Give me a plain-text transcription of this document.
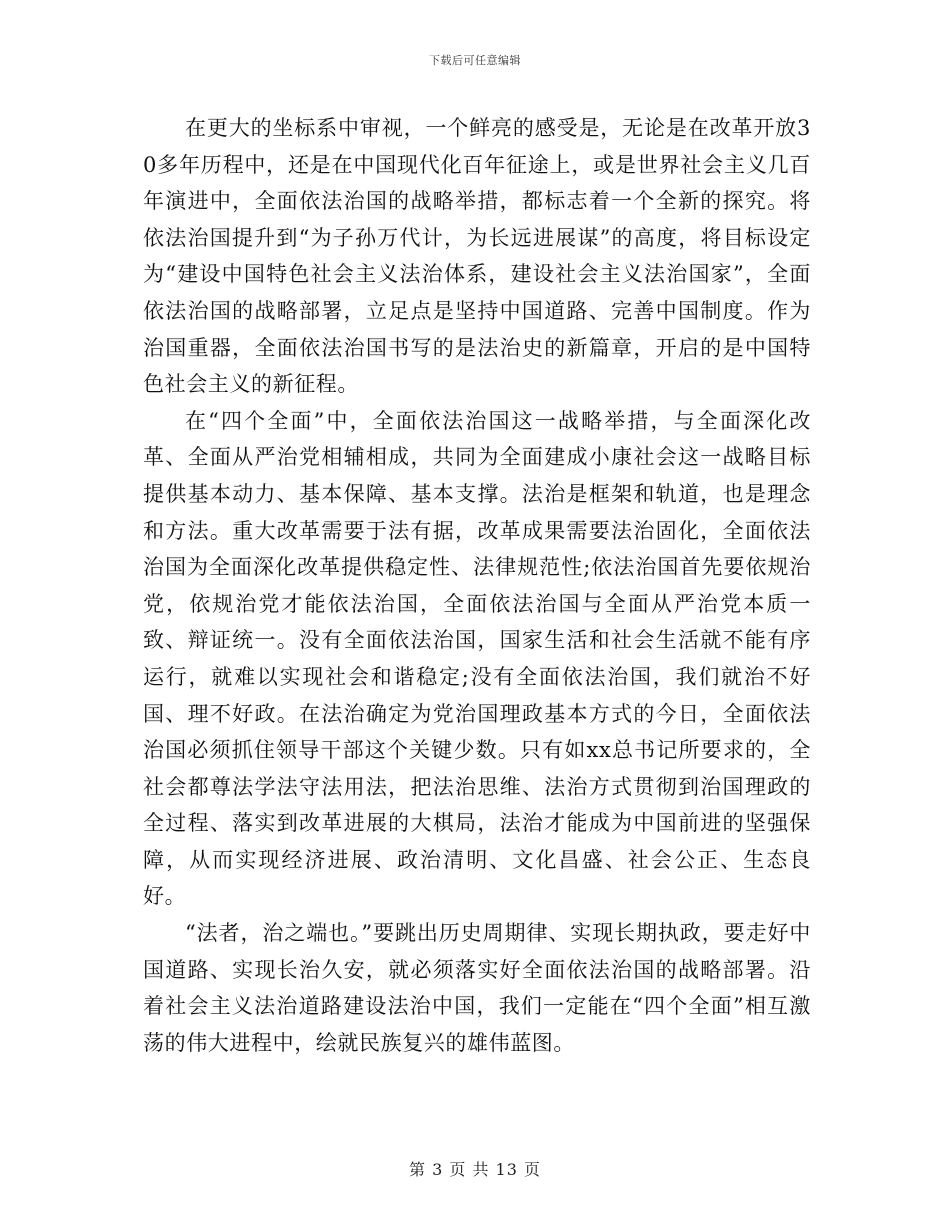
下载后可任意编辑

在更大的坐标系中审视，一个鲜亮的感受是，无论是在改革开放30多年历程中，还是在中国现代化百年征途上，或是世界社会主义几百年演进中，全面依法治国的战略举措，都标志着一个全新的探究。将依法治国提升到“为子孙万代计，为长远进展谋”的高度，将目标设定为“建设中国特色社会主义法治体系，建设社会主义法治国家”，全面依法治国的战略部署，立足点是坚持中国道路、完善中国制度。作为治国重器，全面依法治国书写的是法治史的新篇章，开启的是中国特色社会主义的新征程。

在“四个全面”中，全面依法治国这一战略举措，与全面深化改革、全面从严治党相辅相成，共同为全面建成小康社会这一战略目标提供基本动力、基本保障、基本支撑。法治是框架和轨道，也是理念和方法。重大改革需要于法有据，改革成果需要法治固化，全面依法治国为全面深化改革提供稳定性、法律规范性;依法治国首先要依规治党，依规治党才能依法治国，全面依法治国与全面从严治党本质一致、辩证统一。没有全面依法治国，国家生活和社会生活就不能有序运行，就难以实现社会和谐稳定;没有全面依法治国，我们就治不好国、理不好政。在法治确定为党治国理政基本方式的今日，全面依法治国必须抓住领导干部这个关键少数。只有如xx总书记所要求的，全社会都尊法学法守法用法，把法治思维、法治方式贯彻到治国理政的全过程、落实到改革进展的大棋局，法治才能成为中国前进的坚强保障，从而实现经济进展、政治清明、文化昌盛、社会公正、生态良好。

“法者，治之端也。”要跳出历史周期律、实现长期执政，要走好中国道路、实现长治久安，就必须落实好全面依法治国的战略部署。沿着社会主义法治道路建设法治中国，我们一定能在“四个全面”相互激荡的伟大进程中，绘就民族复兴的雄伟蓝图。

第 3 页 共 13 页
